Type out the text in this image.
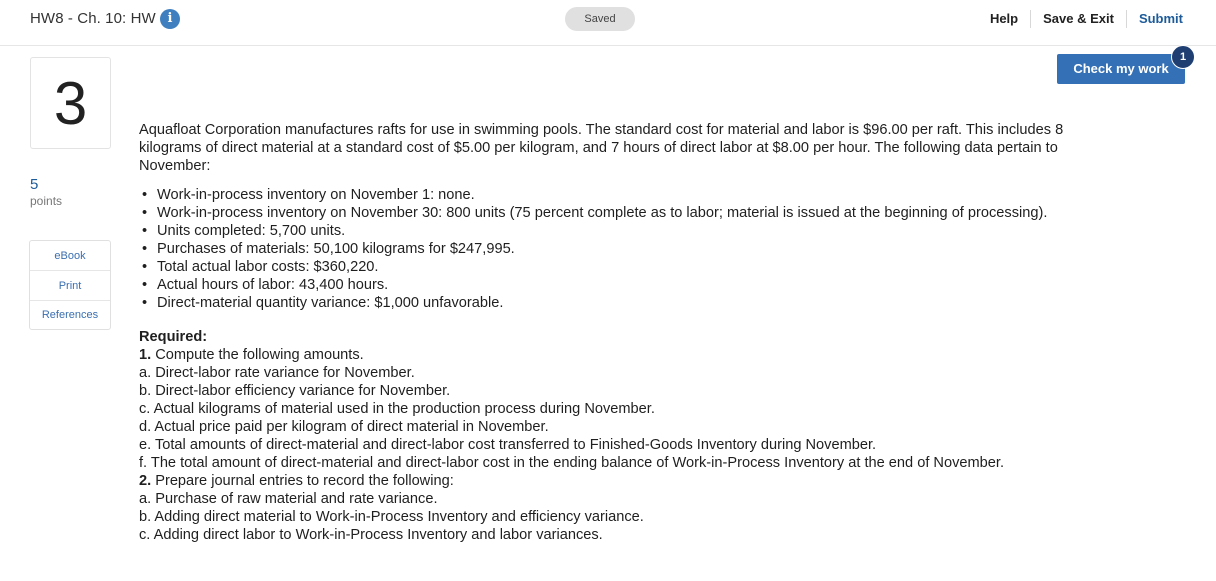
HW8 - Ch. 10: HW i	Saved	Help	Save & Exit	Submit
3
5
points
eBook
Print
References
Check my work
1

Aquafloat Corporation manufactures rafts for use in swimming pools. The standard cost for material and labor is $96.00 per raft. This includes 8 kilograms of direct material at a standard cost of $5.00 per kilogram, and 7 hours of direct labor at $8.00 per hour. The following data pertain to November:

• Work-in-process inventory on November 1: none.
• Work-in-process inventory on November 30: 800 units (75 percent complete as to labor; material is issued at the beginning of processing).
• Units completed: 5,700 units.
• Purchases of materials: 50,100 kilograms for $247,995.
• Total actual labor costs: $360,220.
• Actual hours of labor: 43,400 hours.
• Direct-material quantity variance: $1,000 unfavorable.
Required:
1. Compute the following amounts.
a. Direct-labor rate variance for November.
b. Direct-labor efficiency variance for November.
c. Actual kilograms of material used in the production process during November.
d. Actual price paid per kilogram of direct material in November.
e. Total amounts of direct-material and direct-labor cost transferred to Finished-Goods Inventory during November.
f. The total amount of direct-material and direct-labor cost in the ending balance of Work-in-Process Inventory at the end of November.
2. Prepare journal entries to record the following:
a. Purchase of raw material and rate variance.
b. Adding direct material to Work-in-Process Inventory and efficiency variance.
c. Adding direct labor to Work-in-Process Inventory and labor variances.
